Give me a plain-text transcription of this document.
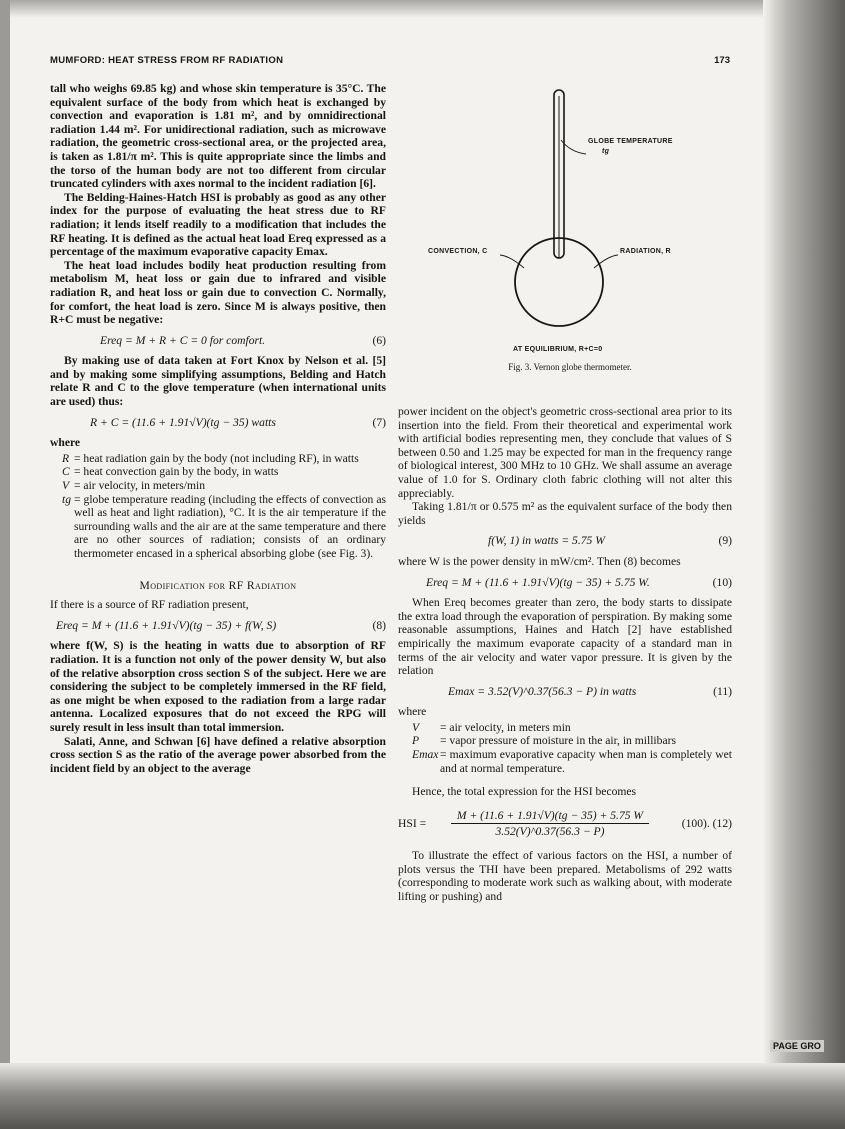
MUMFORD: HEAT STRESS FROM RF RADIATION	173

tall who weighs 69.85 kg) and whose skin temperature is 35°C. The equivalent surface of the body from which heat is exchanged by convection and evaporation is 1.81 m², and by omnidirectional radiation 1.44 m². For unidirectional radiation, such as microwave radiation, the geometric cross-sectional area, or the projected area, is taken as 1.81/π m². This is quite appropriate since the limbs and the torso of the human body are not too different from circular truncated cylinders with axes normal to the incident radiation [6].

The Belding-Haines-Hatch HSI is probably as good as any other index for the purpose of evaluating the heat stress due to RF radiation; it lends itself readily to a modification that includes the RF heating. It is defined as the actual heat load Ereq expressed as a percentage of the maximum evaporative capacity Emax.

The heat load includes bodily heat production resulting from metabolism M, heat loss or gain due to infrared and visible radiation R, and heat loss or gain due to convection C. Normally, for comfort, the heat load is zero. Since M is always positive, then R+C must be negative:

Ereq = M + R + C = 0 for comfort.	(6)

By making use of data taken at Fort Knox by Nelson et al. [5] and by making some simplifying assumptions, Belding and Hatch relate R and C to the glove temperature (when international units are used) thus:

R + C = (11.6 + 1.91√V)(tg − 35) watts	(7)

where

R = heat radiation gain by the body (not including RF), in watts
C = heat convection gain by the body, in watts
V = air velocity, in meters/min
tg = globe temperature reading (including the effects of convection as well as heat and light radiation), °C. It is the air temperature if the surrounding walls and the air are at the same temperature and there are no other sources of radiation; consists of an ordinary thermometer encased in a spherical absorbing globe (see Fig. 3).
Modification for RF Radiation

If there is a source of RF radiation present,

Ereq = M + (11.6 + 1.91√V)(tg − 35) + f(W, S)	(8)

where f(W, S) is the heating in watts due to absorption of RF radiation. It is a function not only of the power density W, but also of the relative absorption cross section S of the subject. Here we are considering the subject to be completely immersed in the RF field, as one might be when exposed to the radiation from a large radar antenna. Localized exposures that do not exceed the RPG will surely result in less insult than total immersion.

Salati, Anne, and Schwan [6] have defined a relative absorption cross section S as the ratio of the average power absorbed from the incident field by an object to the average

GLOBE TEMPERATURE
tg
CONVECTION, C	RADIATION, R
AT EQUILIBRIUM, R+C=0
Fig. 3. Vernon globe thermometer.

power incident on the object's geometric cross-sectional area prior to its insertion into the field. From their theoretical and experimental work with artificial bodies representing men, they conclude that values of S between 0.50 and 1.25 may be expected for man in the frequency range of biological interest, 300 MHz to 10 GHz. We shall assume an average value of 1.0 for S. Ordinary cloth fabric clothing will not alter this appreciably.

Taking 1.81/π or 0.575 m² as the equivalent surface of the body then yields

f(W, 1) in watts = 5.75 W	(9)

where W is the power density in mW/cm². Then (8) becomes

Ereq = M + (11.6 + 1.91√V)(tg − 35) + 5.75 W.	(10)

When Ereq becomes greater than zero, the body starts to dissipate the extra load through the evaporation of perspiration. By making some reasonable assumptions, Haines and Hatch [2] have established empirically the maximum evaporate capacity of a standard man in terms of the air velocity and water vapor pressure. It is given by the relation

Emax = 3.52(V)^0.37(56.3 − P) in watts	(11)

where

V	= air velocity, in meters min
P	= vapor pressure of moisture in the air, in millibars
Emax = maximum evaporative capacity when man is completely wet and at normal temperature.

Hence, the total expression for the HSI becomes

HSI = $\frac{M + (11.6 + 1.91√V)(tg - 35) + 5.75 W}{3.52(V)\^{}0.37(56.3 - P)} (100)$. (12)

To illustrate the effect of various factors on the HSI, a number of plots versus the THI have been prepared. Metabolisms of 292 watts (corresponding to moderate work such as walking about, with moderate lifting or pushing) and

PAGE GRO
